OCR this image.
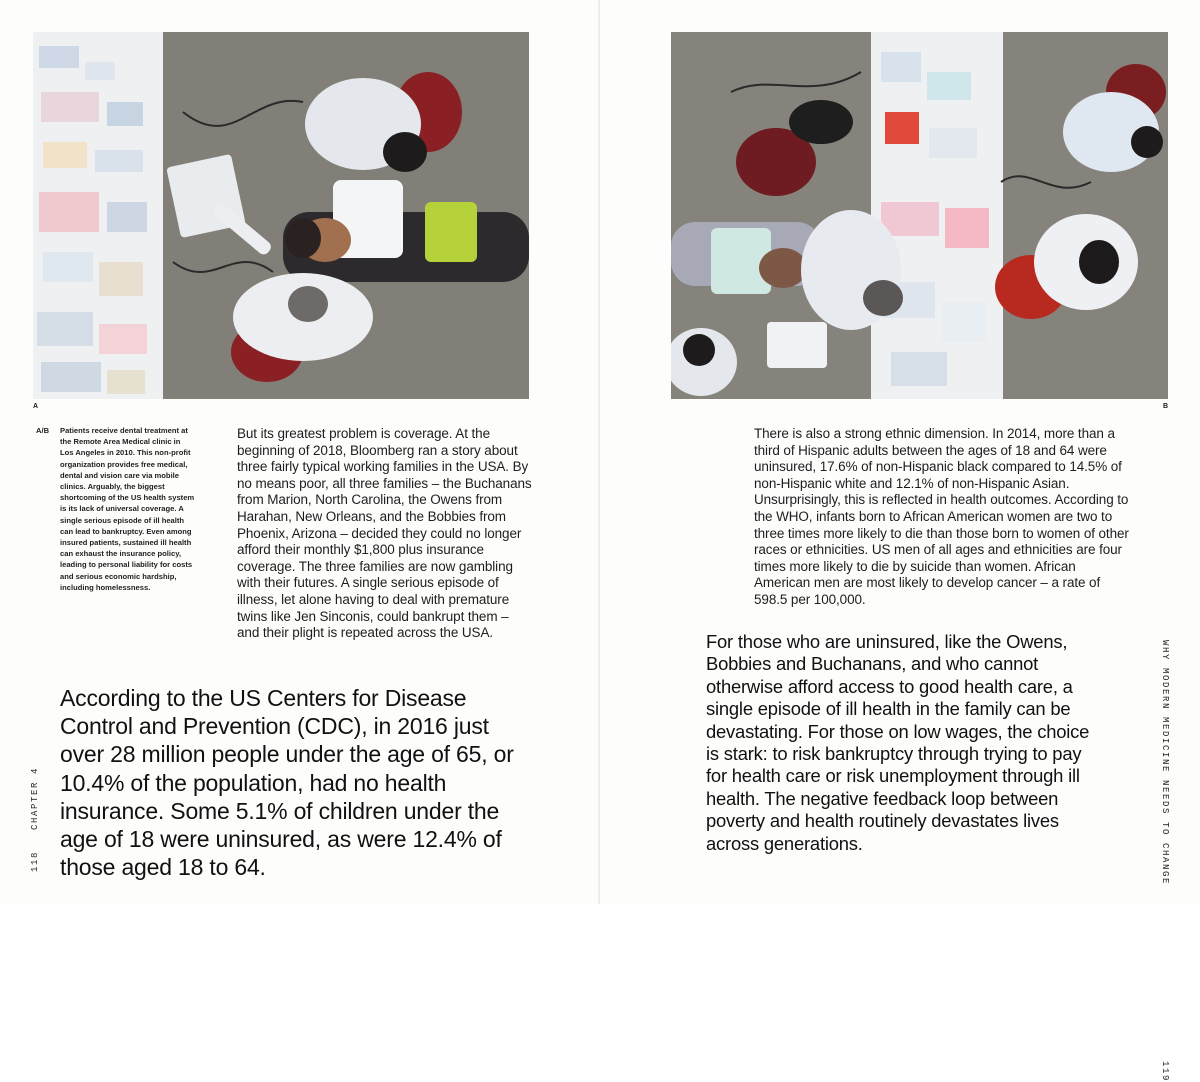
A
A/B Patients receive dental treatment at the Remote Area Medical clinic in Los Angeles in 2010. This non-profit organization provides free medical, dental and vision care via mobile clinics. Arguably, the biggest shortcoming of the US health system is its lack of universal coverage. A single serious episode of ill health can lead to bankruptcy. Even among insured patients, sustained ill health can exhaust the insurance policy, leading to personal liability for costs and serious economic hardship, including homelessness.
But its greatest problem is coverage. At the beginning of 2018, Bloomberg ran a story about three fairly typical working families in the USA. By no means poor, all three families – the Buchanans from Marion, North Carolina, the Owens from Harahan, New Orleans, and the Bobbies from Phoenix, Arizona – decided they could no longer afford their monthly $1,800 plus insurance coverage. The three families are now gambling with their futures. A single serious episode of illness, let alone having to deal with premature twins like Jen Sinconis, could bankrupt them – and their plight is repeated across the USA.
According to the US Centers for Disease Control and Prevention (CDC), in 2016 just over 28 million people under the age of 65, or 10.4% of the population, had no health insurance. Some 5.1% of children under the age of 18 were uninsured, as were 12.4% of those aged 18 to 64.
118 CHAPTER 4
B
There is also a strong ethnic dimension. In 2014, more than a third of Hispanic adults between the ages of 18 and 64 were uninsured, 17.6% of non-Hispanic black compared to 14.5% of non-Hispanic white and 12.1% of non-Hispanic Asian. Unsurprisingly, this is reflected in health outcomes. According to the WHO, infants born to African American women are two to three times more likely to die than those born to women of other races or ethnicities. US men of all ages and ethnicities are four times more likely to die by suicide than women. African American men are most likely to develop cancer – a rate of 598.5 per 100,000.
For those who are uninsured, like the Owens, Bobbies and Buchanans, and who cannot otherwise afford access to good health care, a single episode of ill health in the family can be devastating. For those on low wages, the choice is stark: to risk bankruptcy through trying to pay for health care or risk unemployment through ill health. The negative feedback loop between poverty and health routinely devastates lives across generations.	WHY MODERN MEDICINE NEEDS TO CHANGE119
